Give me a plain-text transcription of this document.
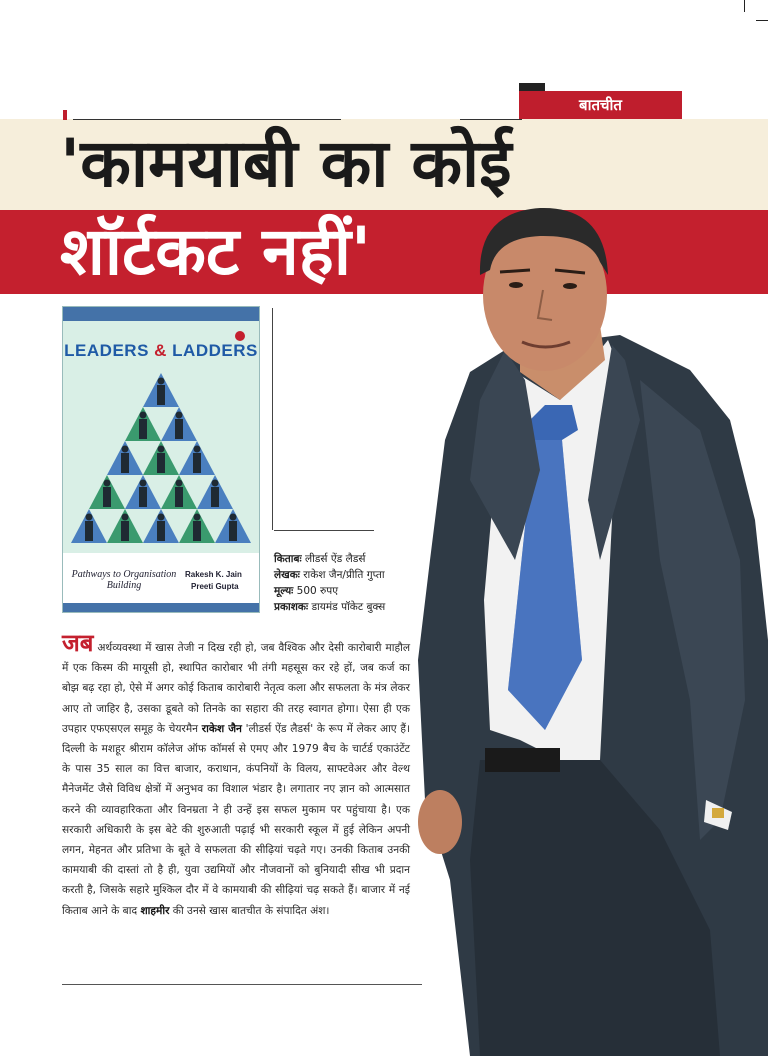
बातचीत
'कामयाबी का कोई
शॉर्टकट नहीं'
LEADERS & LADDERS
Pathways to Organisation Building
Rakesh K. Jain
Preeti Gupta
किताबः लीडर्स ऐंड लैडर्स
लेखकः राकेश जैन/प्रीति गुप्ता
मूल्यः 500 रुपए
प्रकाशकः डायमंड पॉकेट बुक्स
जब अर्थव्यवस्था में खास तेजी न दिख रही हो, जब वैश्विक और देसी कारोबारी माहौल में एक किस्म की मायूसी हो, स्थापित कारोबार भी तंगी महसूस कर रहे हों, जब कर्ज का बोझ बढ़ रहा हो, ऐसे में अगर कोई किताब कारोबारी नेतृत्व कला और सफलता के मंत्र लेकर आए तो जाहिर है, उसका डूबते को तिनके का सहारा की तरह स्वागत होगा। ऐसा ही एक उपहार एफएसएल समूह के चेयरमैन राकेश जैन 'लीडर्स ऐंड लैडर्स' के रूप में लेकर आए हैं। दिल्ली के मशहूर श्रीराम कॉलेज ऑफ कॉमर्स से एमए और 1979 बैच के चार्टर्ड एकाउंटेंट के पास 35 साल का वित्त बाजार, कराधान, कंपनियों के विलय, साफ्टवेअर और वेल्थ मैनेजमेंट जैसे विविध क्षेत्रों में अनुभव का विशाल भंडार है। लगातार नए ज्ञान को आत्मसात करने की व्यावहारिकता और विनम्रता ने ही उन्हें इस सफल मुकाम पर पहुंचाया है। एक सरकारी अधिकारी के इस बेटे की शुरुआती पढ़ाई भी सरकारी स्कूल में हुई लेकिन अपनी लगन, मेहनत और प्रतिभा के बूते वे सफलता की सीढ़ियां चढ़ते गए। उनकी किताब उनकी कामयाबी की दास्तां तो है ही, युवा उद्यमियों और नौजवानों को बुनियादी सीख भी प्रदान करती है, जिसके सहारे मुश्किल दौर में वे कामयाबी की सीढ़ियां चढ़ सकते हैं। बाजार में नई किताब आने के बाद शाहमीर की उनसे खास बातचीत के संपादित अंश।
